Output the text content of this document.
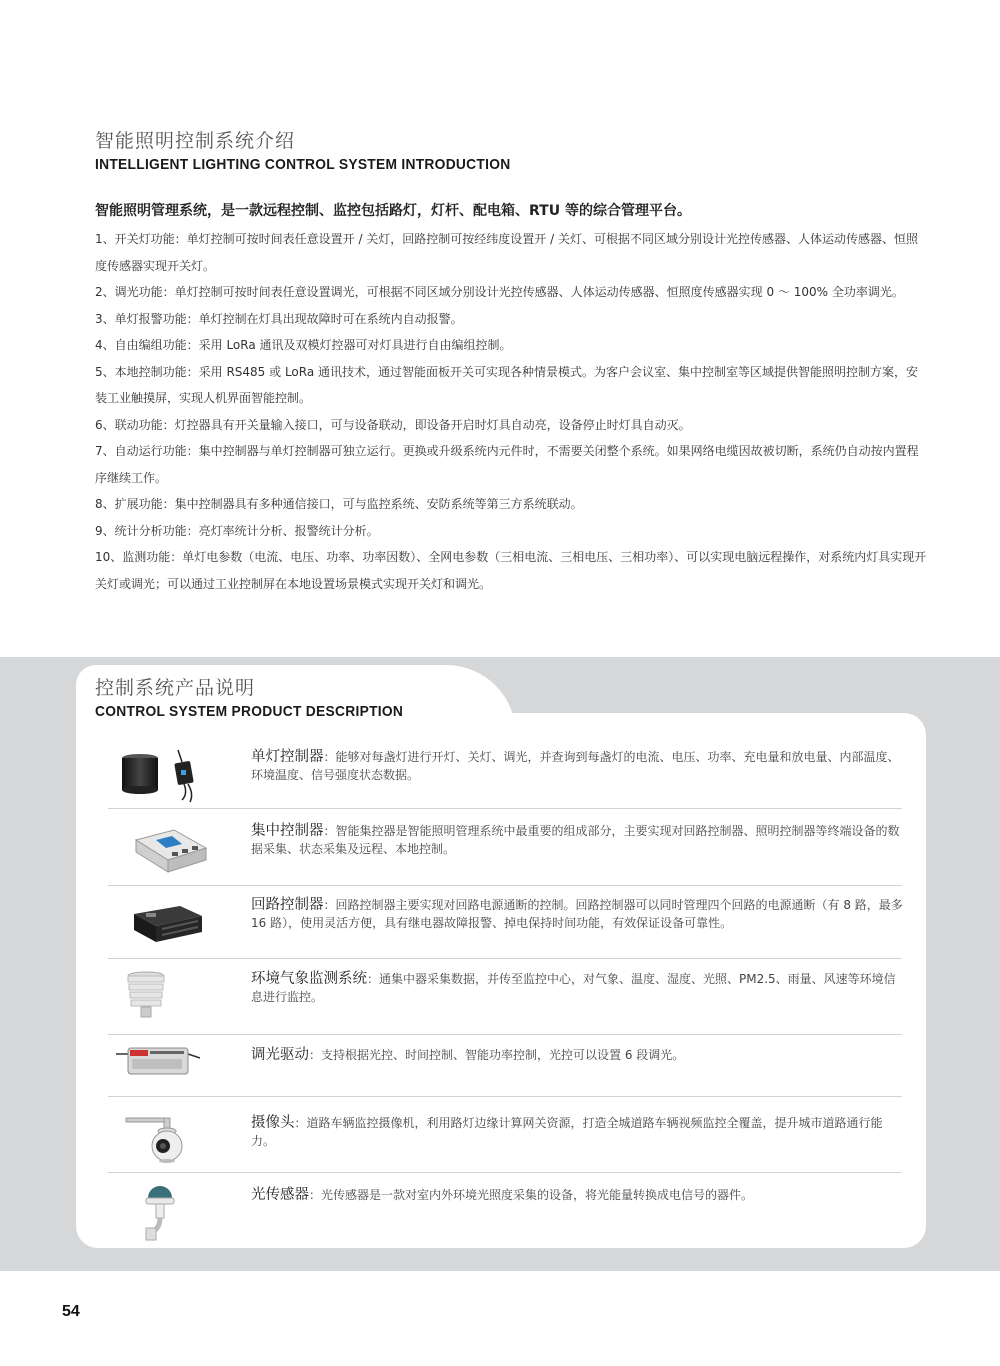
智能照明控制系统介绍
INTELLIGENT LIGHTING CONTROL SYSTEM INTRODUCTION
智能照明管理系统，是一款远程控制、监控包括路灯，灯杆、配电箱、RTU 等的综合管理平台。

1、开关灯功能：单灯控制可按时间表任意设置开 / 关灯，回路控制可按经纬度设置开 / 关灯、可根据不同区域分别设计光控传感器、人体运动传感器、恒照度传感器实现开关灯。

2、调光功能：单灯控制可按时间表任意设置调光，可根据不同区域分别设计光控传感器、人体运动传感器、恒照度传感器实现 0 ～ 100% 全功率调光。

3、单灯报警功能：单灯控制在灯具出现故障时可在系统内自动报警。

4、自由编组功能：采用 LoRa 通讯及双模灯控器可对灯具进行自由编组控制。

5、本地控制功能：采用 RS485 或 LoRa 通讯技术，通过智能面板开关可实现各种情景模式。为客户会议室、集中控制室等区域提供智能照明控制方案，安装工业触摸屏，实现人机界面智能控制。

6、联动功能：灯控器具有开关量输入接口，可与设备联动，即设备开启时灯具自动亮，设备停止时灯具自动灭。

7、自动运行功能：集中控制器与单灯控制器可独立运行。更换或升级系统内元件时，不需要关闭整个系统。如果网络电缆因故被切断，系统仍自动按内置程序继续工作。

8、扩展功能：集中控制器具有多种通信接口，可与监控系统、安防系统等第三方系统联动。

9、统计分析功能：亮灯率统计分析、报警统计分析。

10、监测功能：单灯电参数（电流、电压、功率、功率因数）、全网电参数（三相电流、三相电压、三相功率）、可以实现电脑远程操作，对系统内灯具实现开关灯或调光；可以通过工业控制屏在本地设置场景模式实现开关灯和调光。

控制系统产品说明
CONTROL SYSTEM PRODUCT DESCRIPTION
单灯控制器：能够对每盏灯进行开灯、关灯、调光，并查询到每盏灯的电流、电压、功率、充电量和放电量、内部温度、环境温度、信号强度状态数据。
集中控制器：智能集控器是智能照明管理系统中最重要的组成部分，主要实现对回路控制器、照明控制器等终端设备的数据采集、状态采集及远程、本地控制。
回路控制器：回路控制器主要实现对回路电源通断的控制。回路控制器可以同时管理四个回路的电源通断（有 8 路，最多 16 路），使用灵活方便，具有继电器故障报警、掉电保持时间功能，有效保证设备可靠性。
环境气象监测系统：通集中器采集数据，并传至监控中心，对气象、温度、湿度、光照、PM2.5、雨量、风速等环境信息进行监控。
调光驱动：支持根据光控、时间控制、智能功率控制，光控可以设置 6 段调光。
摄像头：道路车辆监控摄像机，利用路灯边缘计算网关资源，打造全城道路车辆视频监控全覆盖，提升城市道路通行能力。
光传感器：光传感器是一款对室内外环境光照度采集的设备，将光能量转换成电信号的器件。
54
